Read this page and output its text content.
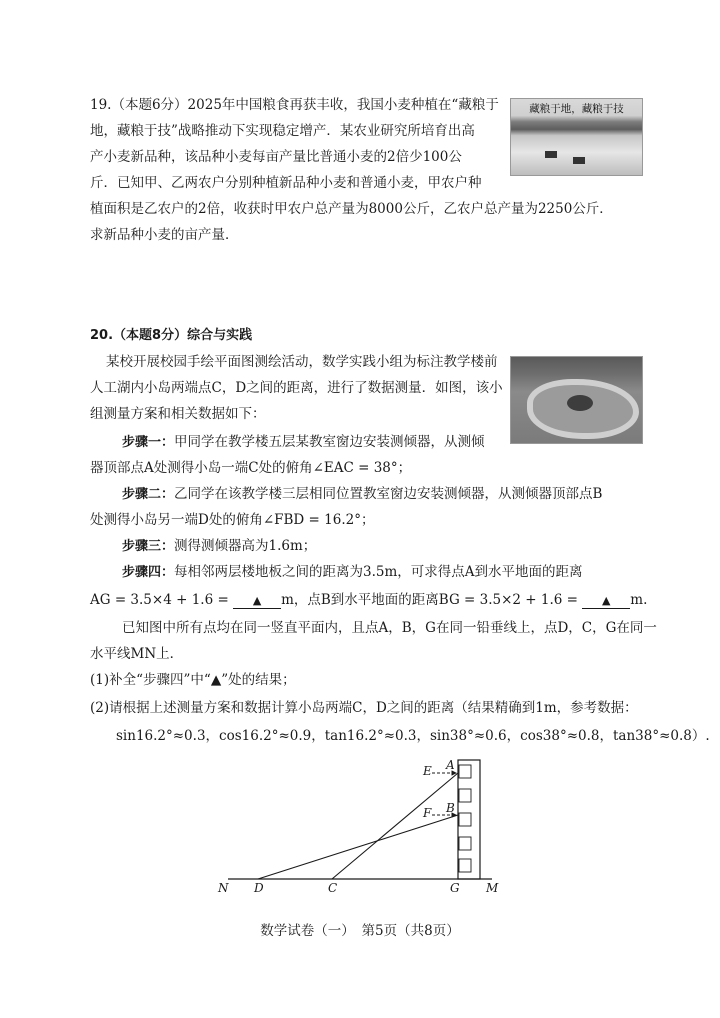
19.（本题6分）2025年中国粮食再获丰收，我国小麦种植在“藏粮于
地，藏粮于技”战略推动下实现稳定增产．某农业研究所培育出高
产小麦新品种，该品种小麦每亩产量比普通小麦的2倍少100公
斤．已知甲、乙两农户分别种植新品种小麦和普通小麦，甲农户种
植面积是乙农户的2倍，收获时甲农户总产量为8000公斤，乙农户总产量为2250公斤．
求新品种小麦的亩产量．
藏粮于地，藏粮于技
20.（本题8分）综合与实践
某校开展校园手绘平面图测绘活动，数学实践小组为标注教学楼前
人工湖内小岛两端点C，D之间的距离，进行了数据测量．如图，该小
组测量方案和相关数据如下：
步骤一：甲同学在教学楼五层某教室窗边安装测倾器，从测倾
器顶部点A处测得小岛一端C处的俯角∠EAC = 38°；
步骤二：乙同学在该教学楼三层相同位置教室窗边安装测倾器，从测倾器顶部点B
处测得小岛另一端D处的俯角∠FBD = 16.2°；
步骤三：测得测倾器高为1.6m；
步骤四：每相邻两层楼地板之间的距离为3.5m，可求得点A到水平地面的距离
AG = 3.5×4 + 1.6 = ▲ m，点B到水平地面的距离BG = 3.5×2 + 1.6 = ▲ m.
已知图中所有点均在同一竖直平面内，且点A，B，G在同一铅垂线上，点D，C，G在同一
水平线MN上．
(1)补全“步骤四”中“▲”处的结果；
(2)请根据上述测量方案和数据计算小岛两端C，D之间的距离（结果精确到1m，参考数据：
sin16.2°≈0.3，cos16.2°≈0.9，tan16.2°≈0.3，sin38°≈0.6，cos38°≈0.8，tan38°≈0.8）.
E A
F B
N D	C	G M
数学试卷（一）　第5页（共8页）
